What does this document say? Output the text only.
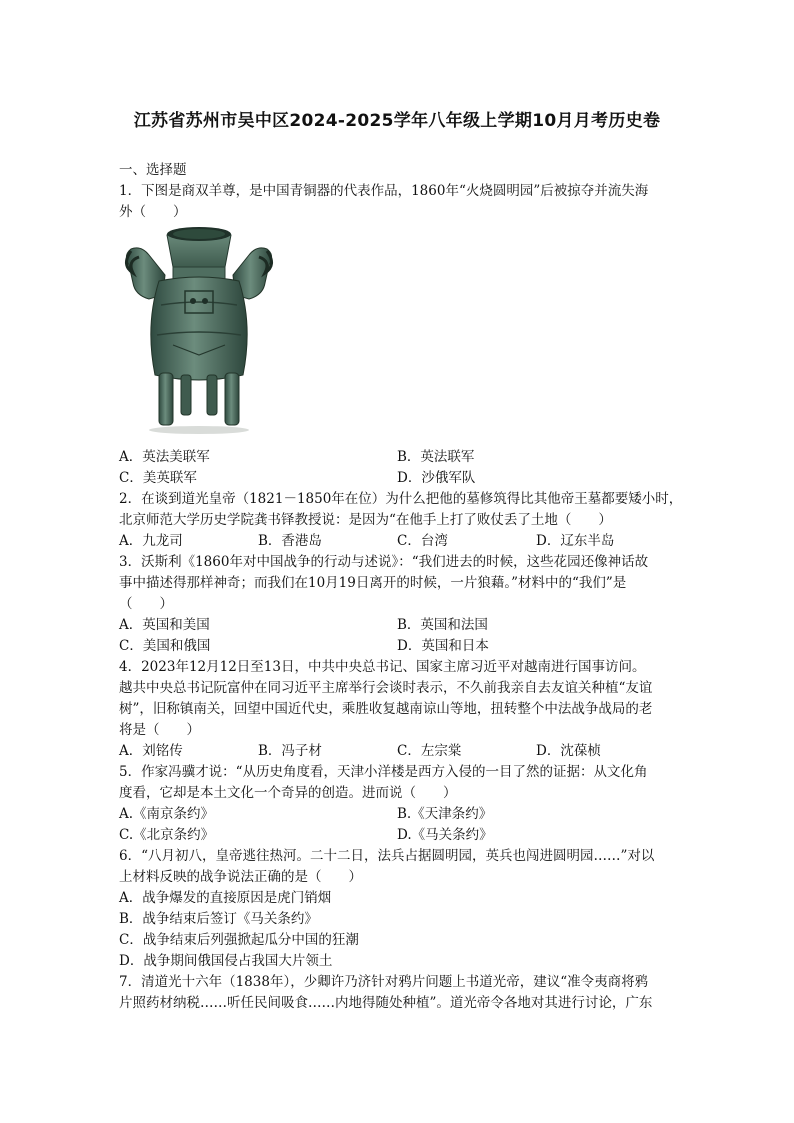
江苏省苏州市吴中区2024-2025学年八年级上学期10月月考历史卷
一、选择题
1．下图是商双羊尊，是中国青铜器的代表作品，1860年“火烧圆明园”后被掠夺并流失海
外（　　）
A．英法美联军	B．英法联军
C．美英联军	D．沙俄军队
2．在谈到道光皇帝（1821－1850年在位）为什么把他的墓修筑得比其他帝王墓都要矮小时，
北京师范大学历史学院龚书铎教授说：是因为“在他手上打了败仗丢了土地（　　）
A．九龙司	B．香港岛	C．台湾	D．辽东半岛
3．沃斯利《1860年对中国战争的行动与述说》：“我们进去的时候，这些花园还像神话故
事中描述得那样神奇；而我们在10月19日离开的时候，一片狼藉。”材料中的“我们”是
（　　）
A．英国和美国	B．英国和法国
C．美国和俄国	D．英国和日本
4．2023年12月12日至13日，中共中央总书记、国家主席习近平对越南进行国事访问。
越共中央总书记阮富仲在同习近平主席举行会谈时表示，不久前我亲自去友谊关种植“友谊
树”，旧称镇南关，回望中国近代史，乘胜收复越南谅山等地，扭转整个中法战争战局的老
将是（　　）
A．刘铭传	B．冯子材	C．左宗棠	D．沈葆桢
5．作家冯骥才说：“从历史角度看，天津小洋楼是西方入侵的一目了然的证据：从文化角
度看，它却是本土文化一个奇异的创造。进而说（　　）
A.《南京条约》	B.《天津条约》
C.《北京条约》	D.《马关条约》
6．“八月初八，皇帝逃往热河。二十二日，法兵占据圆明园，英兵也闯进圆明园……”对以
上材料反映的战争说法正确的是（　　）
A．战争爆发的直接原因是虎门销烟
B．战争结束后签订《马关条约》
C．战争结束后列强掀起瓜分中国的狂潮
D．战争期间俄国侵占我国大片领土
7．清道光十六年（1838年），少卿许乃济针对鸦片问题上书道光帝，建议“准令夷商将鸦
片照药材纳税……听任民间吸食……内地得随处种植”。道光帝令各地对其进行讨论，广东
